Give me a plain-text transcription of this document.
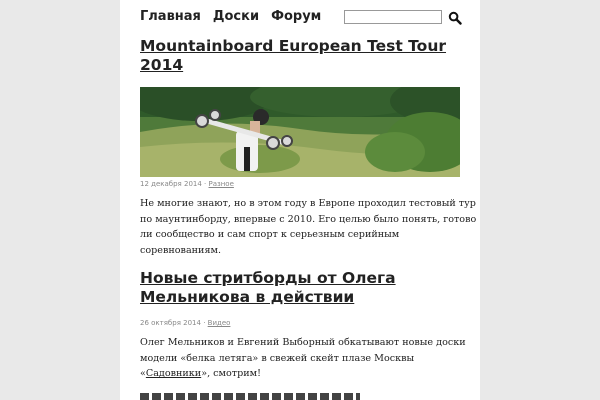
Главная Доски Форум
Mountainboard European Test Tour 2014
12 декабря 2014 · Разное

Не многие знают, но в этом году в Европе проходил тестовый тур по маунтинборду, впервые с 2010. Его целью было понять, готово ли сообщество и сам спорт к серьезным серийным соревнованиям.

Новые стритборды от Олега Мельникова в действии
26 октября 2014 · Видео

Олег Мельников и Евгений Выборный обкатывают новые доски модели «белка летяга» в свежей скейт плазе Москвы «Садовники», смотрим!
